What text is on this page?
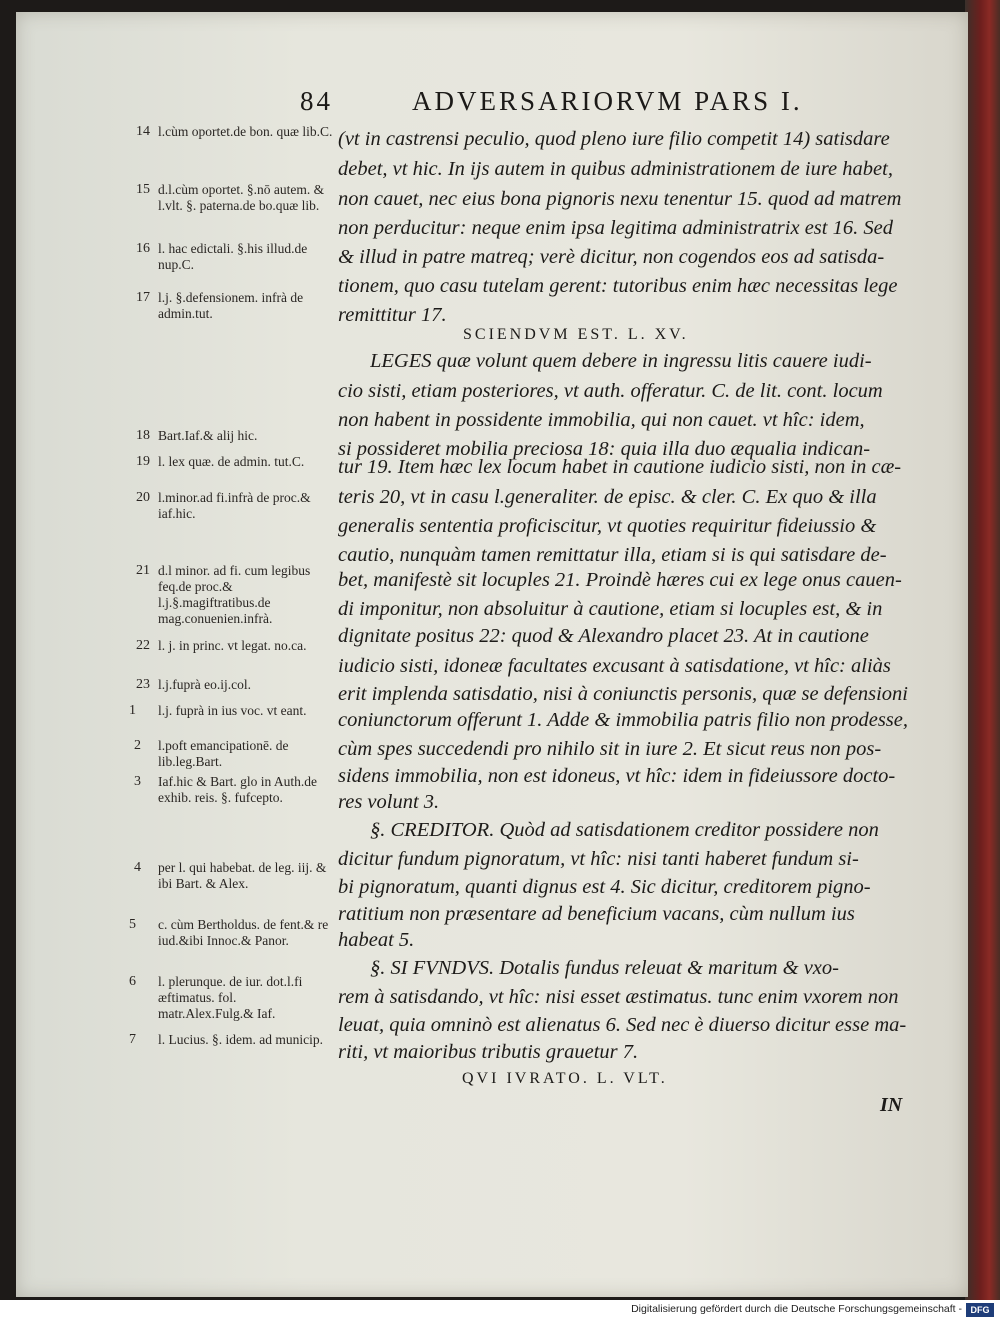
84	ADVERSARIORVM PARS I.
(vt in castrensi peculio, quod pleno iure filio competit 14) satisdare
debet, vt hic. In ijs autem in quibus administrationem de iure habet,
non cauet, nec eius bona pignoris nexu tenentur 15. quod ad matrem
non perducitur: neque enim ipsa legitima administratrix est 16. Sed
& illud in patre matreq; verè dicitur, non cogendos eos ad satisda-
tionem, quo casu tutelam gerent: tutoribus enim hæc necessitas lege
remittitur 17.
SCIENDVM EST. L. XV.
LEGES quæ volunt quem debere in ingressu litis cauere iudi-
cio sisti, etiam posteriores, vt auth. offeratur. C. de lit. cont. locum
non habent in possidente immobilia, qui non cauet. vt hîc: idem,
si possideret mobilia preciosa 18: quia illa duo æqualia indican-
tur 19. Item hæc lex locum habet in cautione iudicio sisti, non in cæ-
teris 20, vt in casu l.generaliter. de episc. & cler. C. Ex quo & illa
generalis sententia proficiscitur, vt quoties requiritur fideiussio &
cautio, nunquàm tamen remittatur illa, etiam si is qui satisdare de-
bet, manifestè sit locuples 21. Proindè hæres cui ex lege onus cauen-
di imponitur, non absoluitur à cautione, etiam si locuples est, & in
dignitate positus 22: quod & Alexandro placet 23. At in cautione
iudicio sisti, idoneæ facultates excusant à satisdatione, vt hîc: aliàs
erit implenda satisdatio, nisi à coniunctis personis, quæ se defensioni
coniunctorum offerunt 1. Adde & immobilia patris filio non prodesse,
cùm spes succedendi pro nihilo sit in iure 2. Et sicut reus non pos-
sidens immobilia, non est idoneus, vt hîc: idem in fideiussore docto-
res volunt 3.
§. CREDITOR. Quòd ad satisdationem creditor possidere non
dicitur fundum pignoratum, vt hîc: nisi tanti haberet fundum si-
bi pignoratum, quanti dignus est 4. Sic dicitur, creditorem pigno-
ratitium non præsentare ad beneficium vacans, cùm nullum ius
habeat 5.
§. SI FVNDVS. Dotalis fundus releuat & maritum & vxo-
rem à satisdando, vt hîc: nisi esset æstimatus. tunc enim vxorem non
leuat, quia omninò est alienatus 6. Sed nec è diuerso dicitur esse ma-
riti, vt maioribus tributis grauetur 7.
QVI IVRATO. L. VLT.
14
15
16
17
18
19
20
21
22
23
1
2
3
4
5
6
7
l.cùm oportet.de bon. quæ lib.C.
d.l.cùm oportet. §.nō autem. & l.vlt. §. paterna.de bo.quæ lib.
l. hac edictali. §.his illud.de nup.C.
l.j. §.defensionem. infrà de admin.tut.
Bart.Iaf.& alij hic.
l. lex quæ. de admin. tut.C.
l.minor.ad fi.infrà de proc.& iaf.hic.
d.l minor. ad fi. cum legibus feq.de proc.& l.j.§.magiftratibus.de mag.conuenien.infrà.
l. j. in princ. vt legat. no.ca.
l.j.fuprà eo.ij.col.
l.j. fuprà in ius voc. vt eant.
l.poft emancipationē. de lib.leg.Bart.
Iaf.hic & Bart. glo in Auth.de exhib. reis. §. fufcepto.
per l. qui habebat. de leg. iij. & ibi Bart. & Alex.
c. cùm Bertholdus. de fent.& re iud.&ibi Innoc.& Panor.
l. plerunque. de iur. dot.l.fi æftimatus. fol. matr.Alex.Fulg.& Iaf.
l. Lucius. §. idem. ad municip.
IN
Digitalisierung gefördert durch die Deutsche Forschungsgemeinschaft - DFG
